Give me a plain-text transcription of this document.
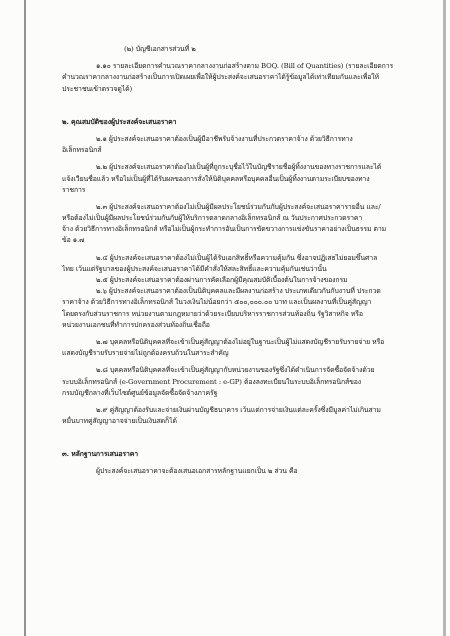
(๒) บัญชีเอกสารส่วนที่ ๒
๑.๑๐ รายละเอียดการคำนวณราคากลางงานก่อสร้างตาม BOQ. (Bill of Quantities) (รายละเอียดการ
คำนวณราคากลางงานก่อสร้างเป็นการเปิดเผยเพื่อให้ผู้ประสงค์จะเสนอราคาได้รู้ข้อมูลได้เท่าเทียมกันและเพื่อให้
ประชาชนเข้าตรวจดูได้)
๒. คุณสมบัติของผู้ประสงค์จะเสนอราคา
๒.๑ ผู้ประสงค์จะเสนอราคาต้องเป็นผู้มีอาชีพรับจ้างงานที่ประกวดราคาจ้าง ด้วยวิธีการทาง
อิเล็กทรอนิกส์
๒.๒ ผู้ประสงค์จะเสนอราคาต้องไม่เป็นผู้ที่ถูกระบุชื่อไว้ในบัญชีรายชื่อผู้ทิ้งงานของทางราชการและได้
แจ้งเวียนชื่อแล้ว หรือไม่เป็นผู้ที่ได้รับผลของการสั่งให้นิติบุคคลหรือบุคคลอื่นเป็นผู้ทิ้งงานตามระเบียบของทาง
ราชการ
๒.๓ ผู้ประสงค์จะเสนอราคาต้องไม่เป็นผู้มีผลประโยชน์ร่วมกันกับผู้ประสงค์จะเสนอราคารายอื่น และ/
หรือต้องไม่เป็นผู้มีผลประโยชน์ร่วมกันกับผู้ให้บริการตลาดกลางอิเล็กทรอนิกส์ ณ วันประกาศประกวดราคา
จ้าง ด้วยวิธีการทางอิเล็กทรอนิกส์ หรือไม่เป็นผู้กระทำการอันเป็นการขัดขวางการแข่งขันราคาอย่างเป็นธรรม ตาม
ข้อ ๑.๗
๒.๔ ผู้ประสงค์จะเสนอราคาต้องไม่เป็นผู้ได้รับเอกสิทธิ์หรือความคุ้มกัน ซึ่งอาจปฏิเสธไม่ยอมขึ้นศาล
ไทย เว้นแต่รัฐบาลของผู้ประสงค์จะเสนอราคาได้มีคำสั่งให้สละสิทธิ์และความคุ้มกันเช่นว่านั้น
๒.๕ ผู้ประสงค์จะเสนอราคาต้องผ่านการคัดเลือกผู้มีคุณสมบัติเบื้องต้นในการจ้างของกรม
๒.๖ ผู้ประสงค์จะเสนอราคาต้องเป็นนิติบุคคลและมีผลงานก่อสร้าง ประเภทเดียวกันกับงานที่ ประกวด
ราคาจ้าง ด้วยวิธีการทางอิเล็กทรอนิกส์ ในวงเงินไม่น้อยกว่า ๕๐๐,๐๐๐.๐๐ บาท และเป็นผลงานที่เป็นคู่สัญญา
โดยตรงกับส่วนราชการ หน่วยงานตามกฎหมายว่าด้วยระเบียบบริหารราชการส่วนท้องถิ่น รัฐวิสาหกิจ หรือ
หน่วยงานเอกชนที่ทำการปกครองส่วนท้องถิ่นเชื่อถือ
๒.๗ บุคคลหรือนิติบุคคลที่จะเข้าเป็นคู่สัญญาต้องไม่อยู่ในฐานะเป็นผู้ไม่แสดงบัญชีรายรับรายจ่าย หรือ
แสดงบัญชีรายรับรายจ่ายไม่ถูกต้องครบถ้วนในสาระสำคัญ
๒.๘ บุคคลหรือนิติบุคคลที่จะเข้าเป็นคู่สัญญากับหน่วยงานของรัฐซึ่งได้ดำเนินการจัดซื้อจัดจ้างด้วย
ระบบอิเล็กทรอนิกส์ (e-Government Procurement : e-GP) ต้องลงทะเบียนในระบบอิเล็กทรอนิกส์ของ
กรมบัญชีกลางที่เว็บไซต์ศูนย์ข้อมูลจัดซื้อจัดจ้างภาครัฐ
๒.๙ คู่สัญญาต้องรับและจ่ายเงินผ่านบัญชีธนาคาร เว้นแต่การจ่ายเงินแต่ละครั้งซึ่งมีมูลค่าไม่เกินสาม
หมื่นบาทคู่สัญญาอาจจ่ายเป็นเงินสดก็ได้
๓. หลักฐานการเสนอราคา
ผู้ประสงค์จะเสนอราคาจะต้องเสนอเอกสารหลักฐานแยกเป็น ๒ ส่วน คือ
